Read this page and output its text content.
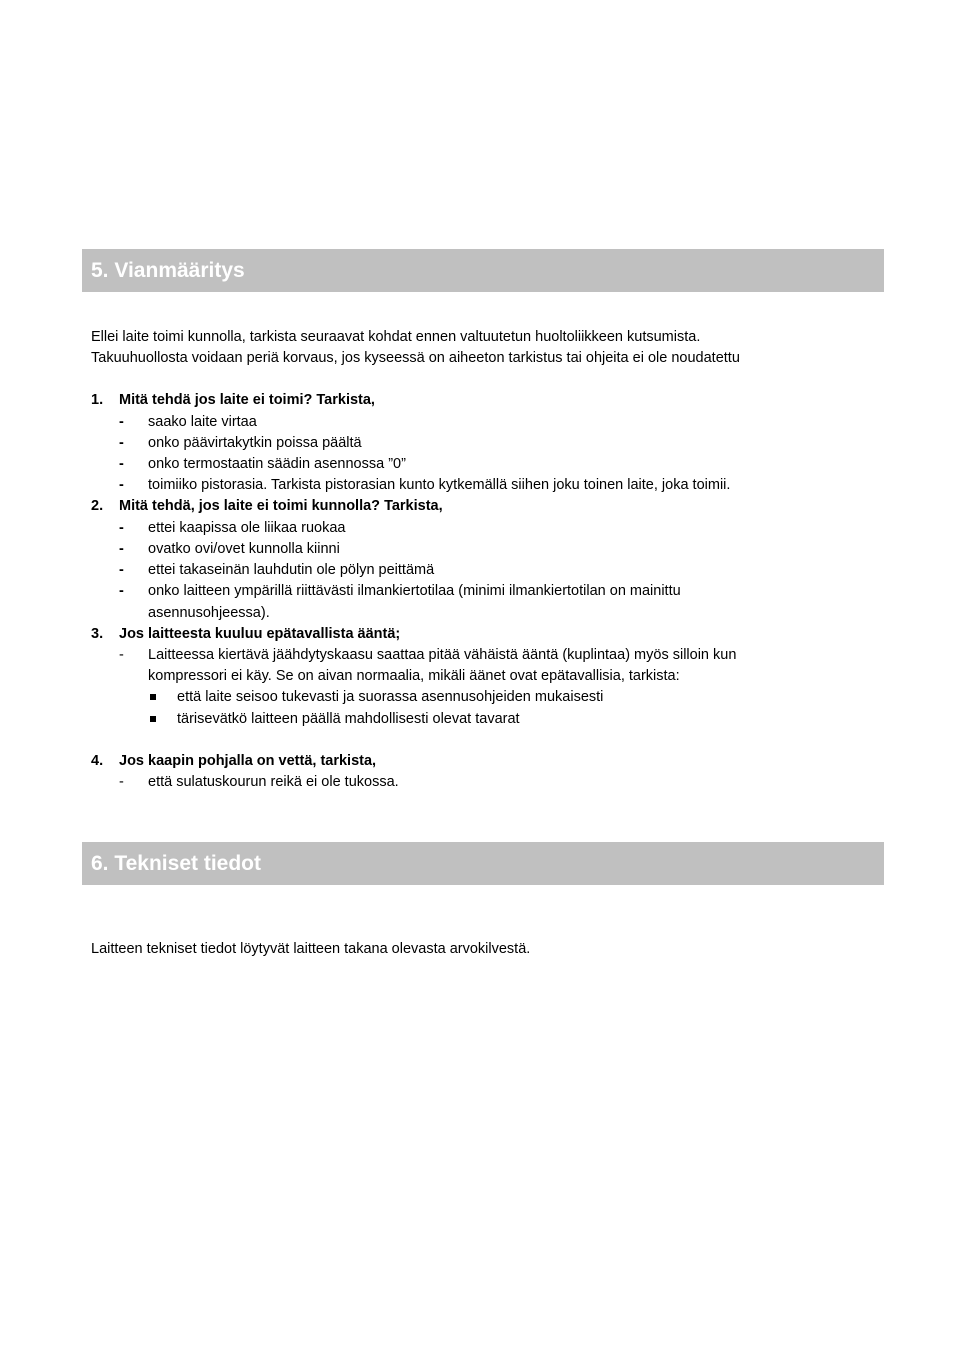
5. Vianmääritys
Ellei laite toimi kunnolla, tarkista seuraavat kohdat ennen valtuutetun huoltoliikkeen kutsumista.
Takuuhuollosta voidaan periä korvaus, jos kyseessä on aiheeton tarkistus tai ohjeita ei ole noudatettu
1. Mitä tehdä jos laite ei toimi? Tarkista,
- saako laite virtaa
- onko päävirtakytkin poissa päältä
- onko termostaatin säädin asennossa ”0”
- toimiiko pistorasia. Tarkista pistorasian kunto kytkemällä siihen joku toinen laite, joka toimii.
2. Mitä tehdä, jos laite ei toimi kunnolla? Tarkista,
- ettei kaapissa ole liikaa ruokaa
- ovatko ovi/ovet kunnolla kiinni
- ettei takaseinän lauhdutin ole pölyn peittämä
- onko laitteen ympärillä riittävästi ilmankiertotilaa (minimi ilmankiertotilan on mainittu
asennusohjeessa).
3. Jos laitteesta kuuluu epätavallista ääntä;
- Laitteessa kiertävä jäähdytyskaasu saattaa pitää vähäistä ääntä (kuplintaa) myös silloin kun
kompressori ei käy. Se on aivan normaalia, mikäli äänet ovat epätavallisia, tarkista:
että laite seisoo tukevasti ja suorassa asennusohjeiden mukaisesti
tärisevätkö laitteen päällä mahdollisesti olevat tavarat
4. Jos kaapin pohjalla on vettä, tarkista,
- että sulatuskourun reikä ei ole tukossa.
6. Tekniset tiedot
Laitteen tekniset tiedot löytyvät laitteen takana olevasta arvokilvestä.
